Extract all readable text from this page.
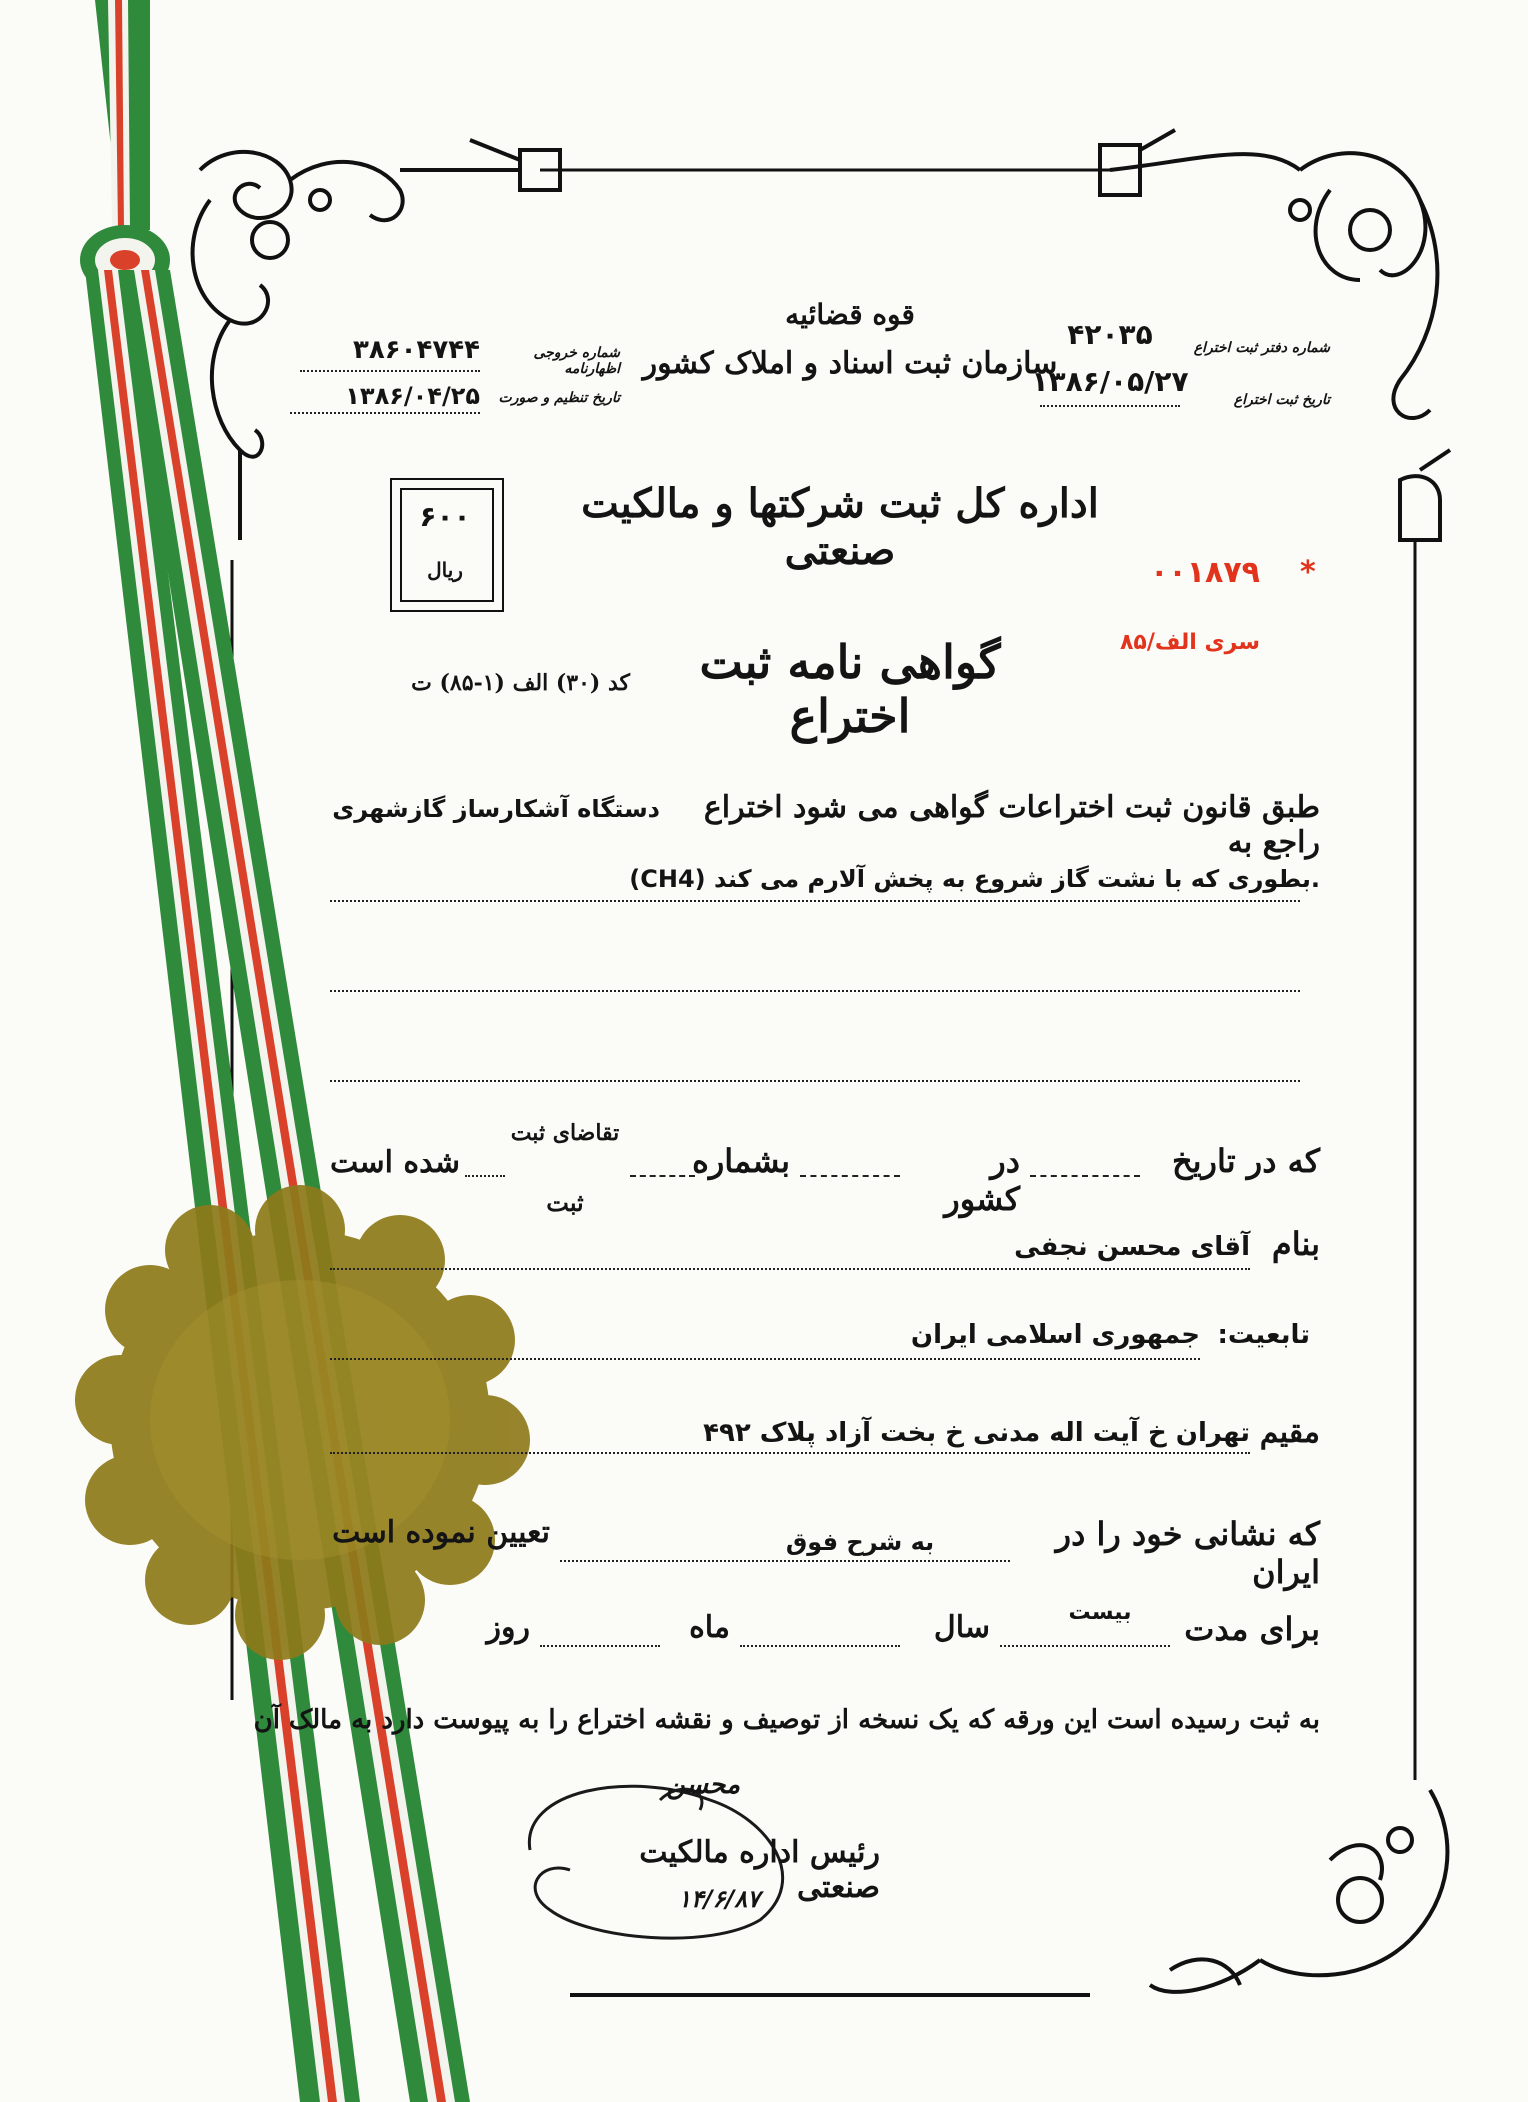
قوه قضائیه
سازمان ثبت اسناد و املاک کشور
اداره کل ثبت شرکتها و مالکیت صنعتی
گواهی نامه ثبت اختراع
کد (۳۰) الف (۱-۸۵) ت
شماره خروجی اظهارنامه
۳۸۶۰۴۷۴۴
تاریخ تنظیم و صورت
۱۳۸۶/۰۴/۲۵
شماره دفتر ثبت اختراع
۴۲۰۳۵
تاریخ ثبت اختراع
۱۳۸۶/۰۵/۲۷
۶۰۰
ریال	*
۰۰۱۸۷۹
سری الف/۸۵
طبق قانون ثبت اختراعات گواهی می شود اختراع راجع به
دستگاه آشکارساز گازشهری
(CH4) بطوری که با نشت گاز شروع به پخش آلارم می کند.
که در تاریخ
در کشور
بشماره
تقاضای ثبت
ثبت
شده است
بنام
آقای محسن نجفی
تابعیت:
جمهوری اسلامی ایران
مقیم
تهران خ آیت اله مدنی خ بخت آزاد پلاک ۴۹۲
که نشانی خود را در ایران
به شرح فوق
تعیین نموده است
برای مدت
بیست
سال
ماه
روز
به ثبت رسیده است این ورقه که یک نسخه از توصیف و نقشه اختراع را به پیوست دارد به مالک آن
محسن
رئیس اداره مالکیت صنعتی
۱۴/۶/۸۷
